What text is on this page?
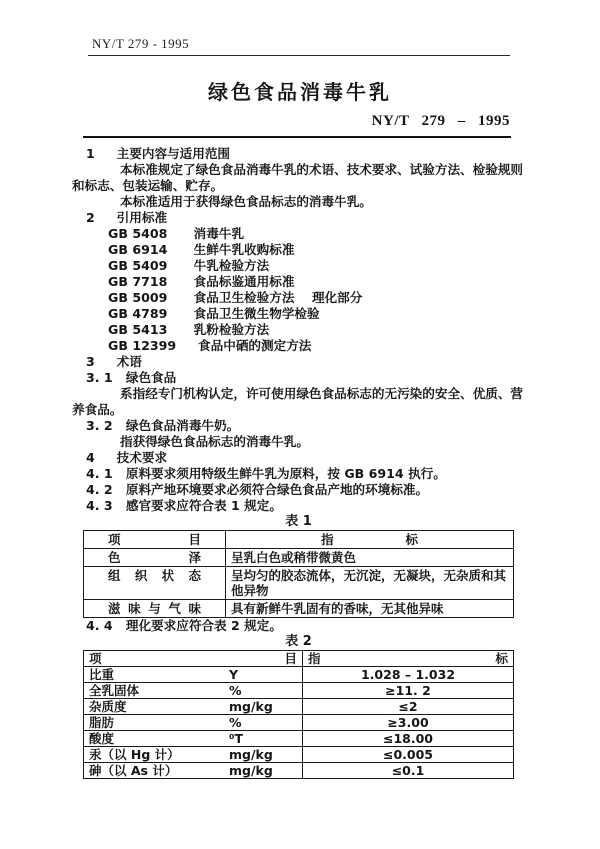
NY/T 279 - 1995
绿色食品消毒牛乳
NY/T 279 – 1995
1     主要内容与适用范围
本标准规定了绿色食品消毒牛乳的术语、技术要求、试验方法、检验规则
和标志、包装运输、贮存。
本标准适用于获得绿色食品标志的消毒牛乳。
2     引用标准
GB 5408      消毒牛乳
GB 6914      生鲜牛乳收购标准
GB 5409      牛乳检验方法
GB 7718      食品标鉴通用标准
GB 5009      食品卫生检验方法    理化部分
GB 4789      食品卫生微生物学检验
GB 5413      乳粉检验方法
GB 12399     食品中硒的测定方法
3     术语
3. 1   绿色食品
系指经专门机构认定，许可使用绿色食品标志的无污染的安全、优质、营
养食品。
3. 2   绿色食品消毒牛奶。
指获得绿色食品标志的消毒牛乳。
4     技术要求
4. 1   原料要求须用特级生鲜牛乳为原料，按 GB 6914 执行。
4. 2   原料产地环境要求必须符合绿色食品产地的环境标准。
4. 3   感官要求应符合表 1 规定。
表 1
项 目	指 标
色 泽	呈乳白色或稍带微黄色
组 织 状 态	呈均匀的胶态流体，无沉淀，无凝块，无杂质和其他异物
滋 味 与 气 味	具有新鲜牛乳固有的香味，无其他异味
4. 4   理化要求应符合表 2 规定。
表 2
项 目	指 标

比重 Y	1.028 – 1.032

全乳固体 %	≥11. 2

杂质度 mg/kg	≤2

脂肪 %	≥3.00

酸度 ⁰T	≤18.00

汞（以 Hg 计） mg/kg	≤0.005

砷（以 As 计） mg/kg	≤0.1
